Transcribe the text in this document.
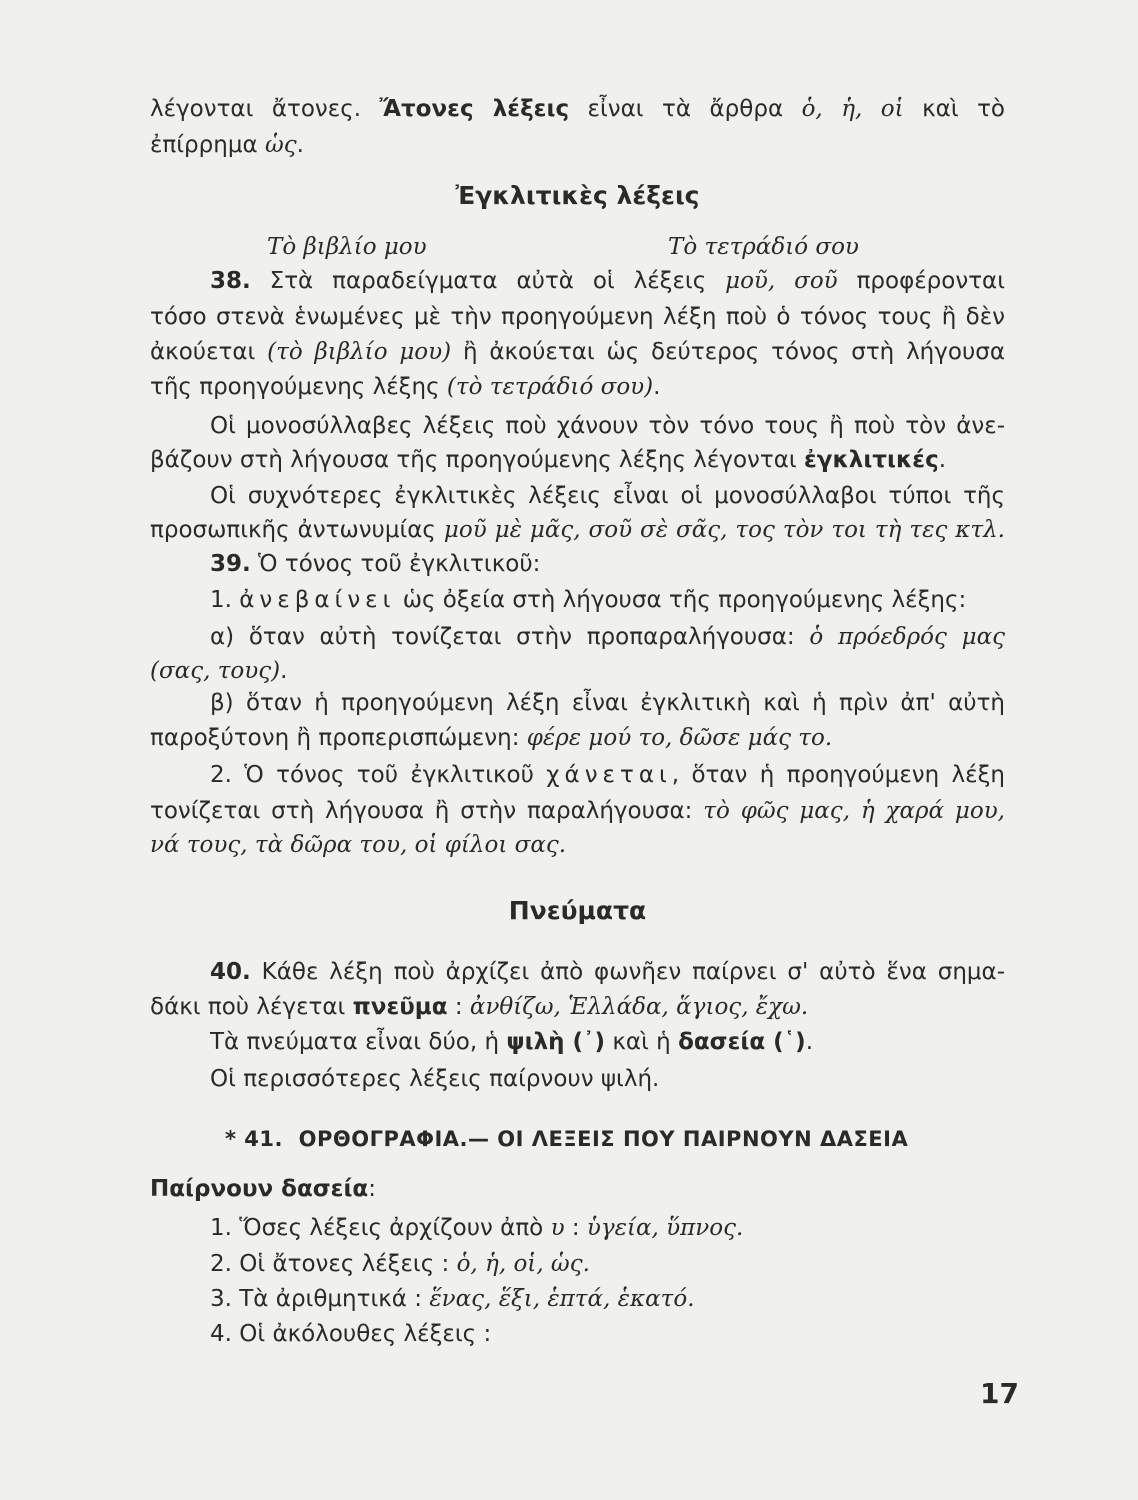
λέγονται ἄτονες. Ἄτονες λέξεις εἶναι τὰ ἄρθρα ὁ, ἡ, οἱ καὶ τὸ
ἐπίρρημα ὡς.
Ἐγκλιτικὲς λέξεις
Τὸ βιβλίο μου	Τὸ τετράδιό σου
38. Στὰ παραδείγματα αὐτὰ οἱ λέξεις μοῦ, σοῦ προφέρονται
τόσο στενὰ ἑνωμένες μὲ τὴν προηγούμενη λέξη ποὺ ὁ τόνος τους ἢ δὲν
ἀκούεται (τὸ βιβλίο μου) ἢ ἀκούεται ὡς δεύτερος τόνος στὴ λήγουσα
τῆς προηγούμενης λέξης (τὸ τετράδιό σου).
Οἱ μονοσύλλαβες λέξεις ποὺ χάνουν τὸν τόνο τους ἢ ποὺ τὸν ἀνε-
βάζουν στὴ λήγουσα τῆς προηγούμενης λέξης λέγονται ἐγκλιτικές.
Οἱ συχνότερες ἐγκλιτικὲς λέξεις εἶναι οἱ μονοσύλλαβοι τύποι τῆς
προσωπικῆς ἀντωνυμίας μοῦ μὲ μᾶς, σοῦ σὲ σᾶς, τος τὸν τοι τὴ τες κτλ.
39. Ὁ τόνος τοῦ ἐγκλιτικοῦ:
1. ἀνεβαίνει ὡς ὀξεία στὴ λήγουσα τῆς προηγούμενης λέξης:
α) ὅταν αὐτὴ τονίζεται στὴν προπαραλήγουσα: ὁ πρόεδρός μας
(σας, τους).
β) ὅταν ἡ προηγούμενη λέξη εἶναι ἐγκλιτικὴ καὶ ἡ πρὶν ἀπ' αὐτὴ
παροξύτονη ἢ προπερισπώμενη: φέρε μού το, δῶσε μάς το.
2. Ὁ τόνος τοῦ ἐγκλιτικοῦ χάνεται, ὅταν ἡ προηγούμενη λέξη
τονίζεται στὴ λήγουσα ἢ στὴν παραλήγουσα: τὸ φῶς μας, ἡ χαρά μου,
νά τους, τὰ δῶρα του, οἱ φίλοι σας.
Πνεύματα
40. Κάθε λέξη ποὺ ἀρχίζει ἀπὸ φωνῆεν παίρνει σ' αὐτὸ ἕνα σημα-
δάκι ποὺ λέγεται πνεῦμα : ἀνθίζω, Ἑλλάδα, ἅγιος, ἔχω.
Τὰ πνεύματα εἶναι δύο, ἡ ψιλὴ (᾿) καὶ ἡ δασεία (῾).
Οἱ περισσότερες λέξεις παίρνουν ψιλή.
* 41. ΟΡΘΟΓΡΑΦΙΑ.— ΟΙ ΛΕΞΕΙΣ ΠΟΥ ΠΑΙΡΝΟΥΝ ΔΑΣΕΙΑ
Παίρνουν δασεία:
1. Ὅσες λέξεις ἀρχίζουν ἀπὸ υ : ὑγεία, ὕπνος.
2. Οἱ ἄτονες λέξεις : ὁ, ἡ, οἱ, ὡς.
3. Τὰ ἀριθμητικά : ἕνας, ἕξι, ἑπτά, ἑκατό.
4. Οἱ ἀκόλουθες λέξεις :
17
